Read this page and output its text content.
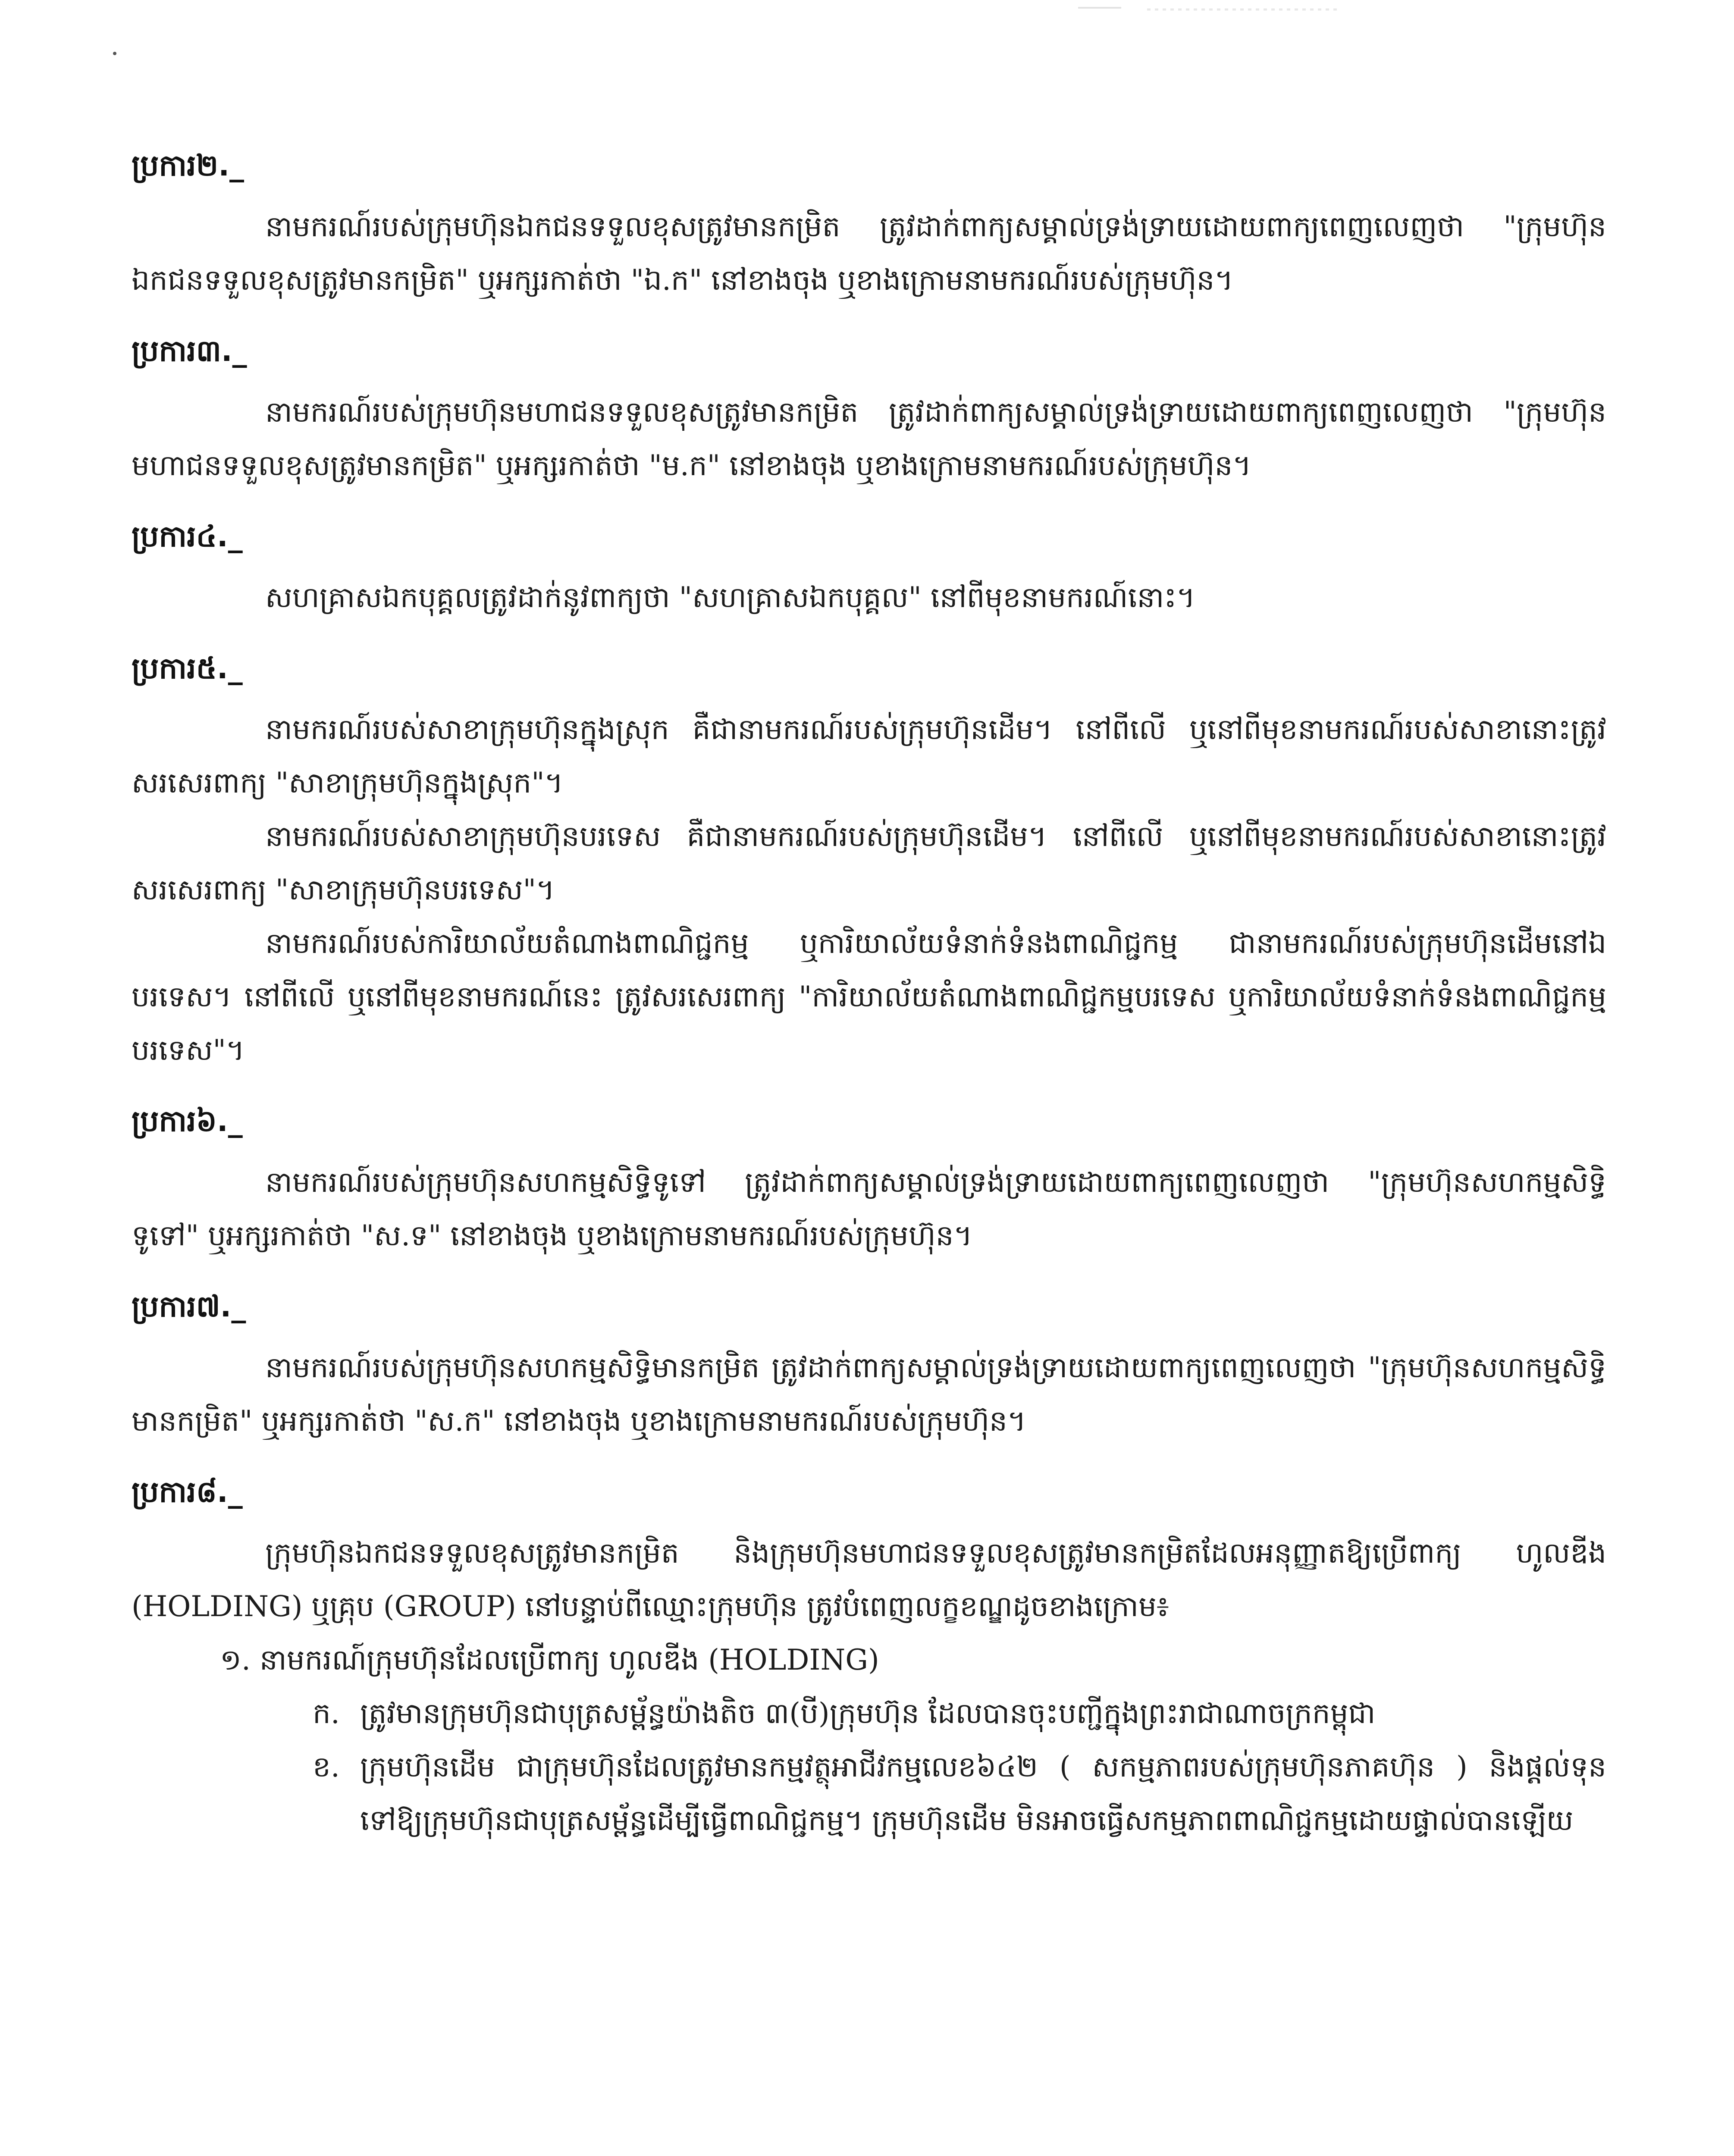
ប្រការ២._

នាមករណ៍របស់ក្រុមហ៊ុនឯកជនទទួលខុសត្រូវមានកម្រិត ត្រូវដាក់ពាក្យសម្គាល់ទ្រង់ទ្រាយដោយពាក្យពេញលេញថា "ក្រុមហ៊ុនឯកជនទទួលខុសត្រូវមានកម្រិត" ឬអក្សរកាត់ថា "ឯ.ក" នៅខាងចុង ឬខាងក្រោមនាមករណ៍របស់ក្រុមហ៊ុន។

ប្រការ៣._

នាមករណ៍របស់ក្រុមហ៊ុនមហាជនទទួលខុសត្រូវមានកម្រិត ត្រូវដាក់ពាក្យសម្គាល់ទ្រង់ទ្រាយដោយពាក្យពេញលេញថា "ក្រុមហ៊ុនមហាជនទទួលខុសត្រូវមានកម្រិត" ឬអក្សរកាត់ថា "ម.ក" នៅខាងចុង ឬខាងក្រោមនាមករណ៍របស់ក្រុមហ៊ុន។

ប្រការ៤._

សហគ្រាសឯកបុគ្គលត្រូវដាក់នូវពាក្យថា "សហគ្រាសឯកបុគ្គល" នៅពីមុខនាមករណ៍នោះ។

ប្រការ៥._

នាមករណ៍របស់សាខាក្រុមហ៊ុនក្នុងស្រុក គឺជានាមករណ៍របស់ក្រុមហ៊ុនដើម។ នៅពីលើ ឬនៅពីមុខនាមករណ៍របស់សាខានោះត្រូវសរសេរពាក្យ "សាខាក្រុមហ៊ុនក្នុងស្រុក"។

នាមករណ៍របស់សាខាក្រុមហ៊ុនបរទេស គឺជានាមករណ៍របស់ក្រុមហ៊ុនដើម។ នៅពីលើ ឬនៅពីមុខនាមករណ៍របស់សាខានោះត្រូវសរសេរពាក្យ "សាខាក្រុមហ៊ុនបរទេស"។

នាមករណ៍របស់ការិយាល័យតំណាងពាណិជ្ជកម្ម ឬការិយាល័យទំនាក់ទំនងពាណិជ្ជកម្ម ជានាមករណ៍របស់ក្រុមហ៊ុនដើមនៅឯបរទេស។ នៅពីលើ ឬនៅពីមុខនាមករណ៍នេះ ត្រូវសរសេរពាក្យ "ការិយាល័យតំណាងពាណិជ្ជកម្មបរទេស ឬការិយាល័យទំនាក់ទំនងពាណិជ្ជកម្មបរទេស"។

ប្រការ៦._

នាមករណ៍របស់ក្រុមហ៊ុនសហកម្មសិទ្ធិទូទៅ ត្រូវដាក់ពាក្យសម្គាល់ទ្រង់ទ្រាយដោយពាក្យពេញលេញថា "ក្រុមហ៊ុនសហកម្មសិទ្ធិទូទៅ" ឬអក្សរកាត់ថា "ស.ទ" នៅខាងចុង ឬខាងក្រោមនាមករណ៍របស់ក្រុមហ៊ុន។

ប្រការ៧._

នាមករណ៍របស់ក្រុមហ៊ុនសហកម្មសិទ្ធិមានកម្រិត ត្រូវដាក់ពាក្យសម្គាល់ទ្រង់ទ្រាយដោយពាក្យពេញលេញថា "ក្រុមហ៊ុនសហកម្មសិទ្ធិមានកម្រិត" ឬអក្សរកាត់ថា "ស.ក" នៅខាងចុង ឬខាងក្រោមនាមករណ៍របស់ក្រុមហ៊ុន។

ប្រការ៨._

ក្រុមហ៊ុនឯកជនទទួលខុសត្រូវមានកម្រិត និងក្រុមហ៊ុនមហាជនទទួលខុសត្រូវមានកម្រិតដែលអនុញ្ញាតឱ្យប្រើពាក្យ ហូលឌីង (HOLDING) ឬគ្រុប (GROUP) នៅបន្ទាប់ពីឈ្មោះក្រុមហ៊ុន ត្រូវបំពេញលក្ខខណ្ឌដូចខាងក្រោម៖

១. នាមករណ៍ក្រុមហ៊ុនដែលប្រើពាក្យ ហូលឌីង (HOLDING)
ក. ត្រូវមានក្រុមហ៊ុនជាបុត្រសម្ព័ន្ធយ៉ាងតិច ៣(បី)ក្រុមហ៊ុន ដែលបានចុះបញ្ជីក្នុងព្រះរាជាណាចក្រកម្ពុជា
ខ. ក្រុមហ៊ុនដើម ជាក្រុមហ៊ុនដែលត្រូវមានកម្មវត្ថុអាជីវកម្មលេខ៦៤២ ( សកម្មភាពរបស់ក្រុមហ៊ុនភាគហ៊ុន ) និងផ្តល់ទុនទៅឱ្យក្រុមហ៊ុនជាបុត្រសម្ព័ន្ធដើម្បីធ្វើពាណិជ្ជកម្ម។ ក្រុមហ៊ុនដើម មិនអាចធ្វើសកម្មភាពពាណិជ្ជកម្មដោយផ្ទាល់បានឡើយ
